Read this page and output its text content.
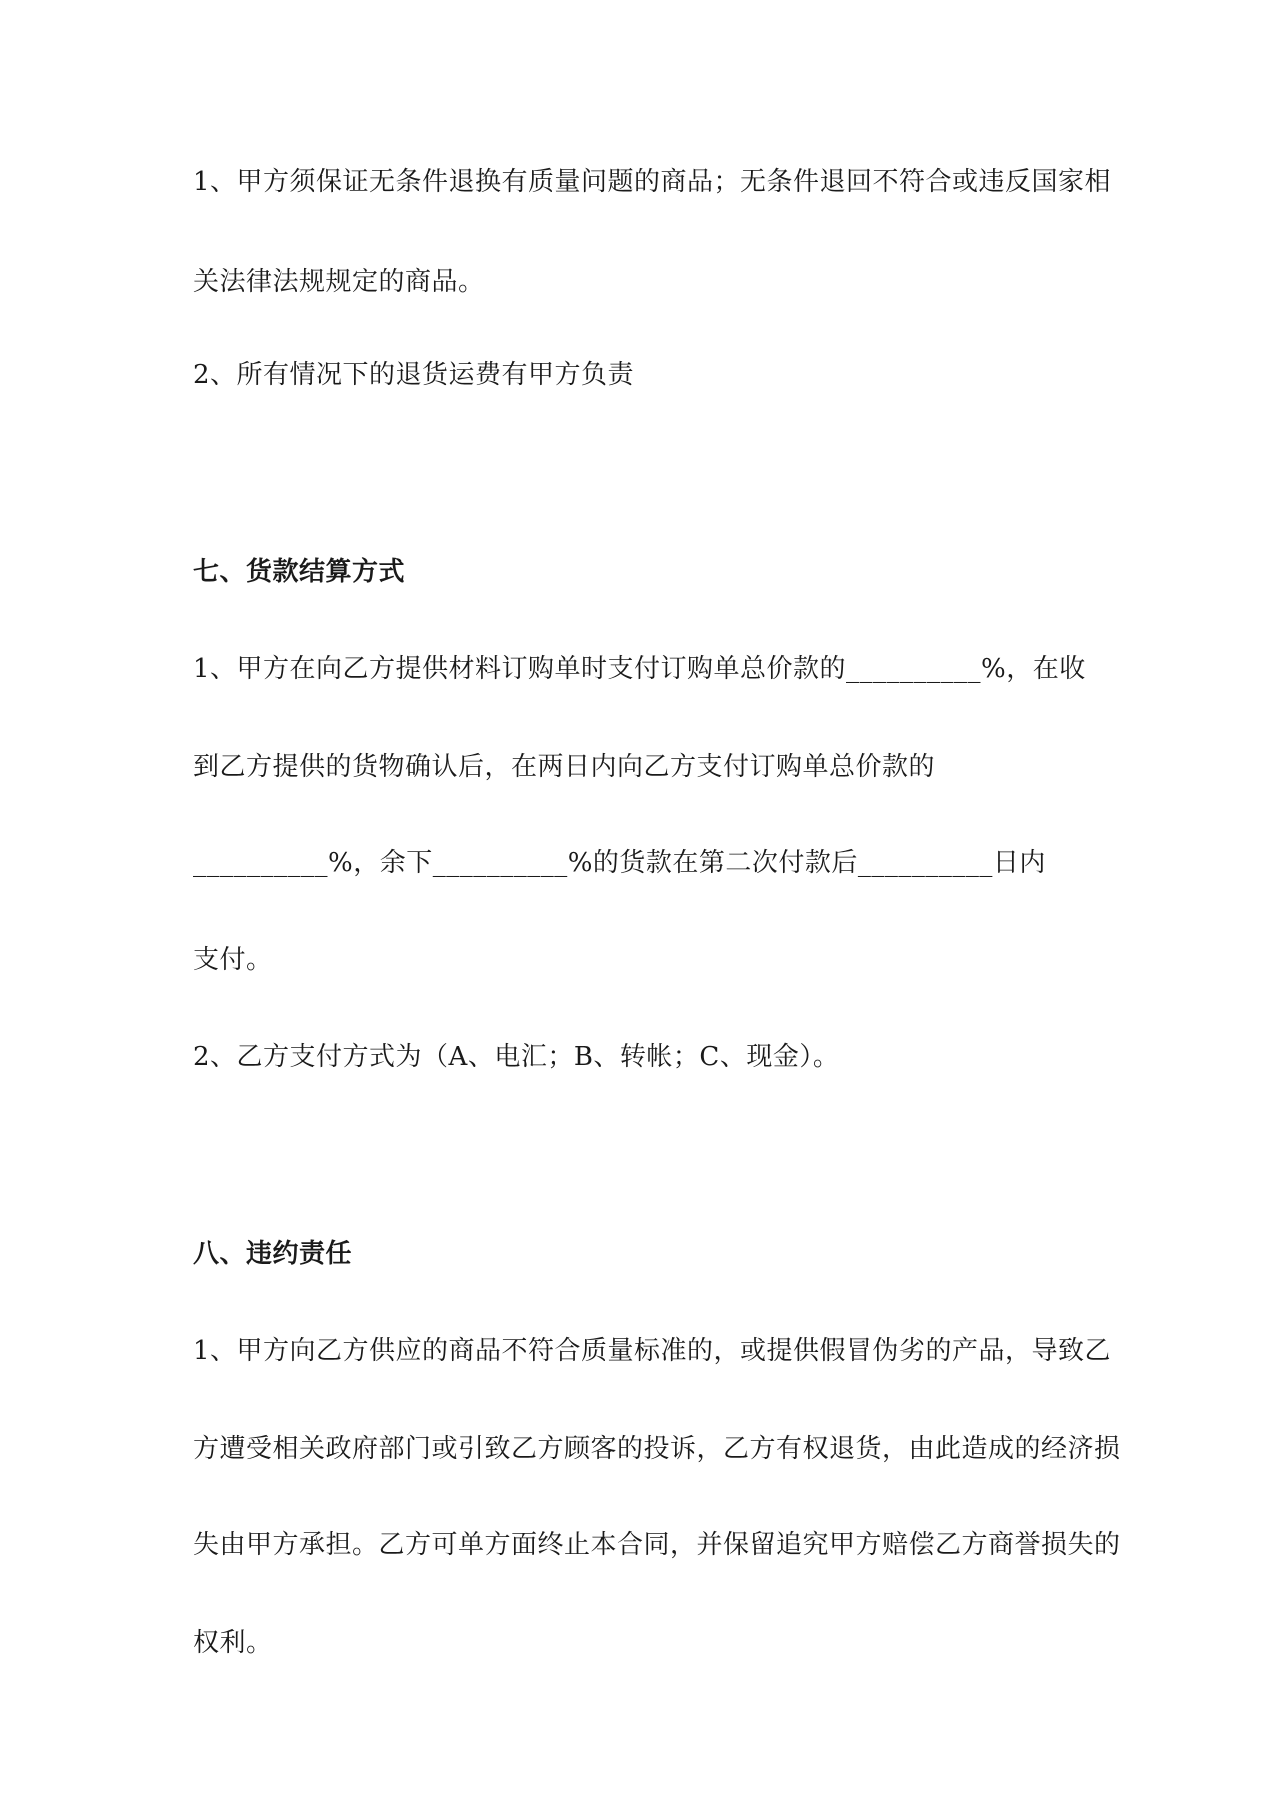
1、甲方须保证无条件退换有质量问题的商品；无条件退回不符合或违反国家相
关法律法规规定的商品。
2、所有情况下的退货运费有甲方负责
七、货款结算方式
1、甲方在向乙方提供材料订购单时支付订购单总价款的__________%，在收
到乙方提供的货物确认后，在两日内向乙方支付订购单总价款的
__________%，余下__________%的货款在第二次付款后__________日内
支付。
2、乙方支付方式为（A、电汇；B、转帐；C、现金）。
八、违约责任
1、甲方向乙方供应的商品不符合质量标准的，或提供假冒伪劣的产品，导致乙
方遭受相关政府部门或引致乙方顾客的投诉，乙方有权退货，由此造成的经济损
失由甲方承担。乙方可单方面终止本合同，并保留追究甲方赔偿乙方商誉损失的
权利。
